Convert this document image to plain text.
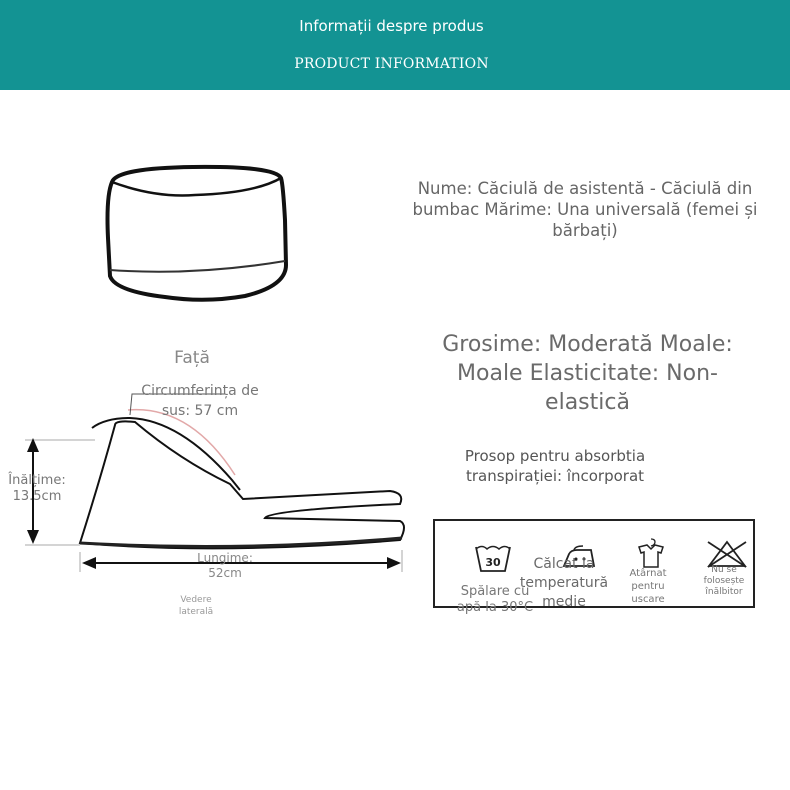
Informații despre produs
PRODUCT INFORMATION
Față
Circumferința de sus: 57 cm
Înălțime: 13.5cm
Lungime: 52cm
Vedere laterală
Nume: Căciulă de asistentă - Căciulă din bumbac Mărime: Una universală (femei și bărbați)
Grosime: Moderată Moale: Moale Elasticitate: Non-elastică
Prosop pentru absorbtia transpirației: încorporat
30
Spălare cu apă la 30°C
Călcat la temperatură medie
Atârnat pentru uscare
Nu se folosește înălbitor
